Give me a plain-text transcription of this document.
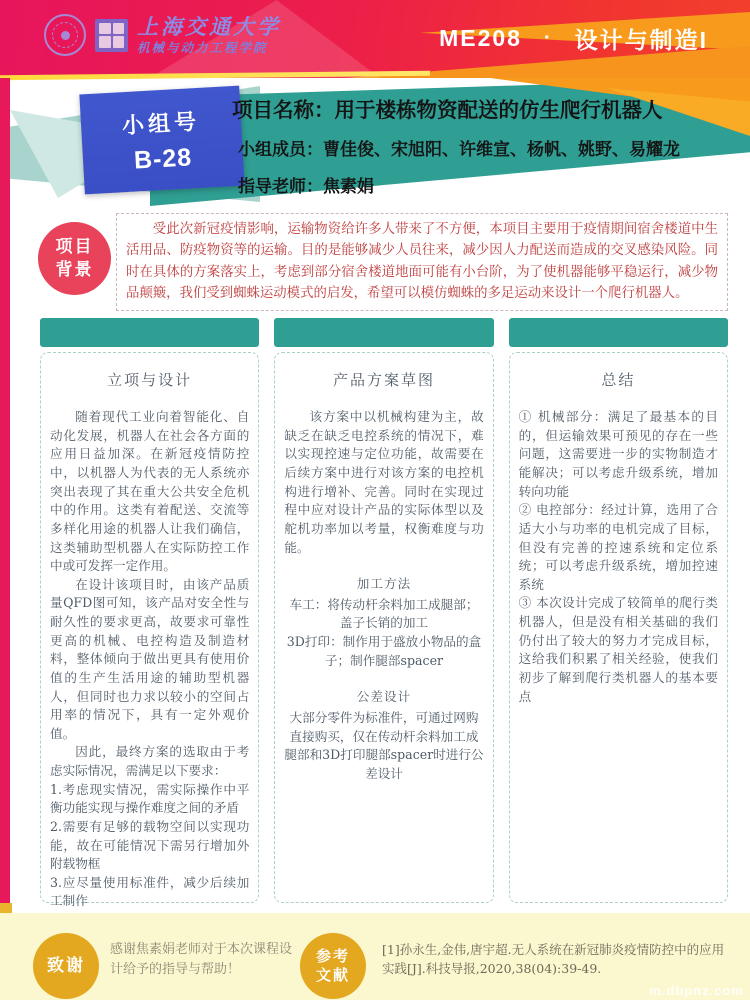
上海交通大学
机械与动力工程学院	ME208 · 设计与制造I
小组号
B-28
项目名称：用于楼栋物资配送的仿生爬行机器人
小组成员：曹佳俊、宋旭阳、许维宣、杨帆、姚野、易耀龙
指导老师：焦素娟
项目
背景

受此次新冠疫情影响，运输物资给许多人带来了不方便，本项目主要用于疫情期间宿舍楼道中生活用品、防疫物资等的运输。目的是能够减少人员往来，减少因人力配送而造成的交叉感染风险。同时在具体的方案落实上，考虑到部分宿舍楼道地面可能有小台阶，为了使机器能够平稳运行，减少物品颠簸，我们受到蜘蛛运动模式的启发，希望可以模仿蜘蛛的多足运动来设计一个爬行机器人。

立项与设计

随着现代工业向着智能化、自动化发展，机器人在社会各方面的应用日益加深。在新冠疫情防控中，以机器人为代表的无人系统亦突出表现了其在重大公共安全危机中的作用。这类有着配送、交流等多样化用途的机器人让我们确信，这类辅助型机器人在实际防控工作中或可发挥一定作用。

在设计该项目时，由该产品质量QFD图可知，该产品对安全性与耐久性的要求更高，故要求可靠性更高的机械、电控构造及制造材料，整体倾向于做出更具有使用价值的生产生活用途的辅助型机器人，但同时也力求以较小的空间占用率的情况下，具有一定外观价值。

因此，最终方案的选取由于考虑实际情况，需满足以下要求：

1.考虑现实情况，需实际操作中平衡功能实现与操作难度之间的矛盾

2.需要有足够的载物空间以实现功能，故在可能情况下需另行增加外附载物框

3.应尽量使用标准件，减少后续加工制作

产品方案草图

该方案中以机械构建为主，故缺乏在缺乏电控系统的情况下，难以实现控速与定位功能，故需要在后续方案中进行对该方案的电控机构进行增补、完善。同时在实现过程中应对设计产品的实际体型以及舵机功率加以考量，权衡难度与功能。

加工方法

车工：将传动杆余料加工成腿部；盖子长销的加工

3D打印：制作用于盛放小物品的盒子；制作腿部spacer

公差设计

大部分零件为标准件，可通过网购直接购买，仅在传动杆余料加工成腿部和3D打印腿部spacer时进行公差设计

总结

① 机械部分：满足了最基本的目的，但运输效果可预见的存在一些问题，这需要进一步的实物制造才能解决；可以考虑升级系统，增加转向功能

② 电控部分：经过计算，选用了合适大小与功率的电机完成了目标，但没有完善的控速系统和定位系统；可以考虑升级系统，增加控速系统

③ 本次设计完成了较简单的爬行类机器人，但是没有相关基础的我们仍付出了较大的努力才完成目标，这给我们积累了相关经验，使我们初步了解到爬行类机器人的基本要点

致谢
感谢焦素娟老师对于本次课程设计给予的指导与帮助！
参考
文献
[1]孙永生,金伟,唐宇超.无人系统在新冠肺炎疫情防控中的应用实践[J].科技导报,2020,38(04):39-49.
m.dbpnz.com
